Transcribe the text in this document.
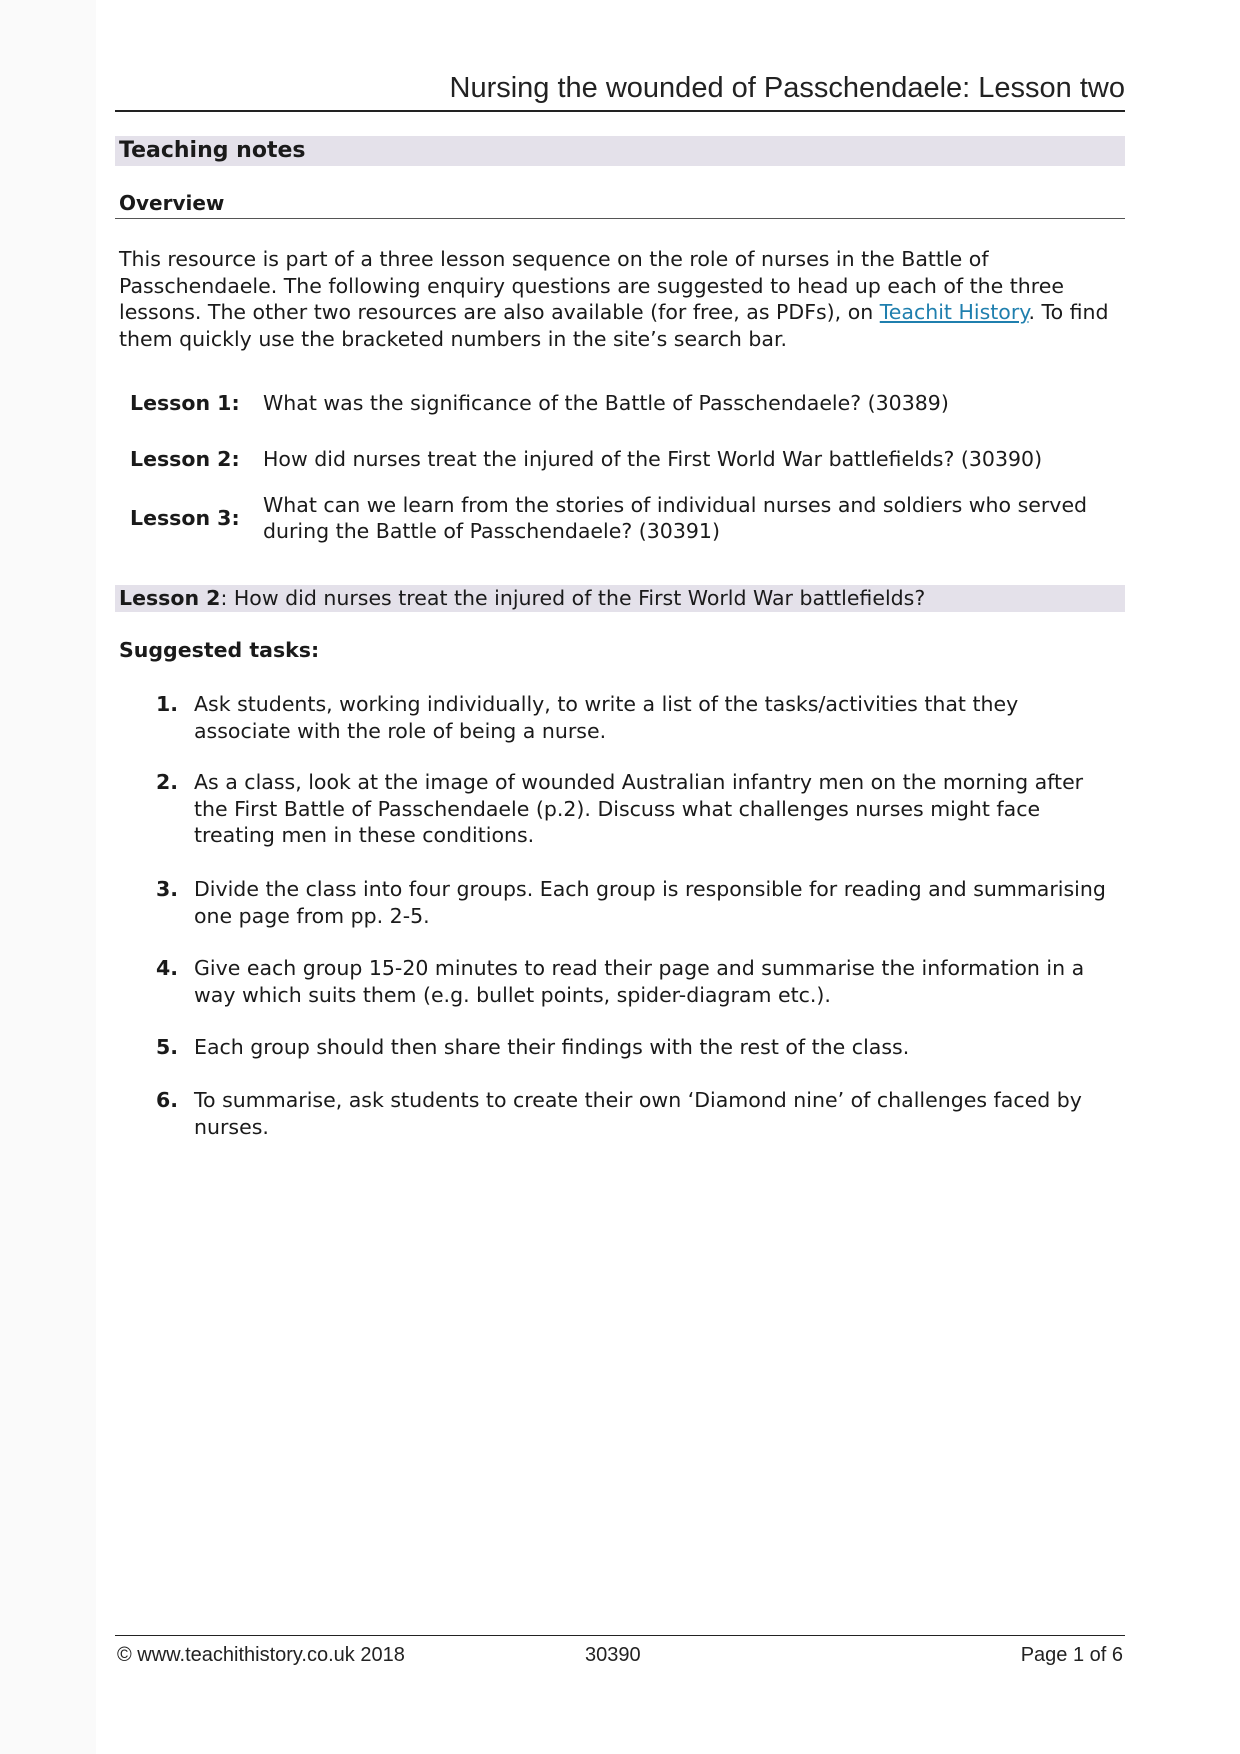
Nursing the wounded of Passchendaele: Lesson two
Teaching notes
Overview

This resource is part of a three lesson sequence on the role of nurses in the Battle of Passchendaele. The following enquiry questions are suggested to head up each of the three lessons. The other two resources are also available (for free, as PDFs), on Teachit History. To find them quickly use the bracketed numbers in the site’s search bar.

Lesson 1: What was the significance of the Battle of Passchendaele? (30389)
Lesson 2: How did nurses treat the injured of the First World War battlefields? (30390)
Lesson 3:
What can we learn from the stories of individual nurses and soldiers who served during the Battle of Passchendaele? (30391)
Lesson 2: How did nurses treat the injured of the First World War battlefields?
Suggested tasks:
1. Ask students, working individually, to write a list of the tasks/activities that they associate with the role of being a nurse.
2. As a class, look at the image of wounded Australian infantry men on the morning after the First Battle of Passchendaele (p.2). Discuss what challenges nurses might face treating men in these conditions.
3. Divide the class into four groups. Each group is responsible for reading and summarising one page from pp. 2-5.
4. Give each group 15-20 minutes to read their page and summarise the information in a way which suits them (e.g. bullet points, spider-diagram etc.).
5. Each group should then share their findings with the rest of the class.
6. To summarise, ask students to create their own ‘Diamond nine’ of challenges faced by nurses.
© www.teachithistory.co.uk 2018	30390	Page 1 of 6
